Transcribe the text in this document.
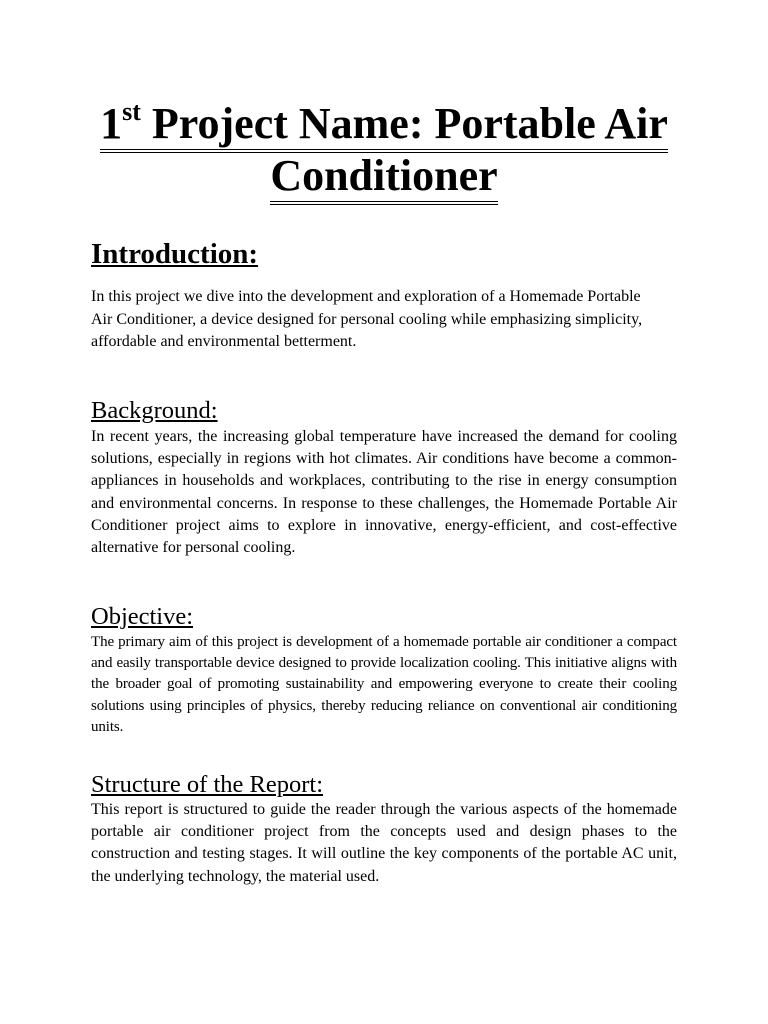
1st Project Name: Portable Air
Conditioner
Introduction:

In this project we dive into the development and exploration of a Homemade Portable Air Conditioner, a device designed for personal cooling while emphasizing simplicity, affordable and environmental betterment.

Background:

In recent years, the increasing global temperature have increased the demand for cooling solutions, especially in regions with hot climates. Air conditions have become a common-appliances in households and workplaces, contributing to the rise in energy consumption and environmental concerns. In response to these challenges, the Homemade Portable Air Conditioner project aims to explore in innovative, energy-efficient, and cost-effective alternative for personal cooling.

Objective:

The primary aim of this project is development of a homemade portable air conditioner a compact and easily transportable device designed to provide localization cooling. This initiative aligns with the broader goal of promoting sustainability and empowering everyone to create their cooling solutions using principles of physics, thereby reducing reliance on conventional air conditioning units.

Structure of the Report:

This report is structured to guide the reader through the various aspects of the homemade portable air conditioner project from the concepts used and design phases to the construction and testing stages. It will outline the key components of the portable AC unit, the underlying technology, the material used.
